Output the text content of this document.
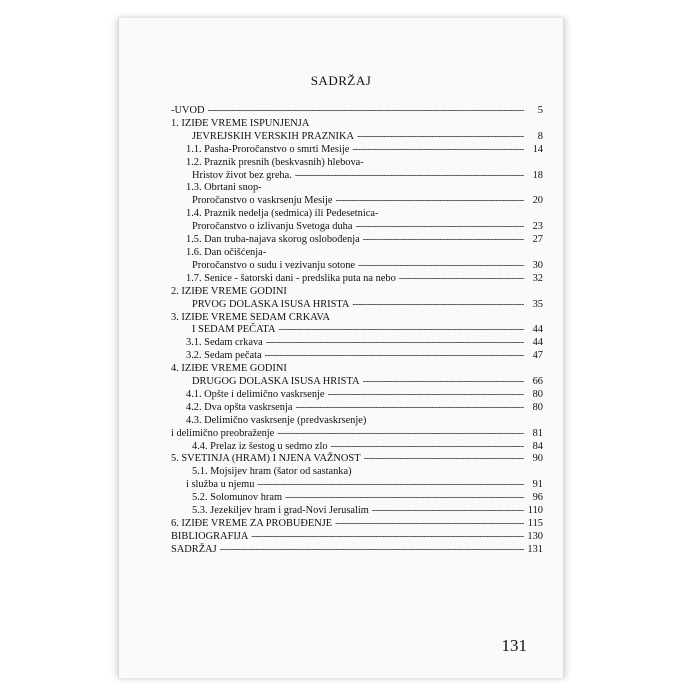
SADRŽAJ
-UVOD -----	5
1. IZIĐE VREME ISPUNJENJA
JEVREJSKIH VERSKIH PRAZNIKA -----	8
1.1. Pasha-Proročanstvo o smrti Mesije -----	14
1.2. Praznik presnih (beskvasnih) hlebova-
Hristov život bez greha. -----	18
1.3. Obrtani snop-
Proročanstvo o vaskrsenju Mesije -----	20
1.4. Praznik nedelja (sedmica) ili Pedesetnica-
Proročanstvo o izlivanju Svetoga duha -----	23
1.5. Dan truba-najava skorog oslobođenja -----	27
1.6. Dan očišćenja-
Proročanstvo o sudu i vezivanju sotone -----	30
1.7. Senice - šatorski dani - predslika puta na nebo -----	32
2. IZIĐE VREME GODINI
PRVOG DOLASKA ISUSA HRISTA -----	35
3. IZIĐE VREME SEDAM CRKAVA
I SEDAM PEČATA -----	44
3.1. Sedam crkava -----	44
3.2. Sedam pečata -----	47
4. IZIĐE VREME GODINI
DRUGOG DOLASKA ISUSA HRISTA -----	66
4.1. Opšte i delimično vaskrsenje -----	80
4.2. Dva opšta vaskrsenja -----	80
4.3. Delimično vaskrsenje (predvaskrsenje)
i delimično preobraženje -----	81
4.4. Prelaz iz šestog u sedmo zlo -----	84
5. SVETINJA (HRAM) I NJENA VAŽNOST -----	90
5.1. Mojsijev hram (šator od sastanka)
i služba u njemu -----	91
5.2. Solomunov hram -----	96
5.3. Jezekiljev hram i grad-Novi Jerusalim -----	110
6. IZIĐE VREME ZA PROBUĐENJE -----	115
BIBLIOGRAFIJA -----	130
SADRŽAJ -----	131
131
